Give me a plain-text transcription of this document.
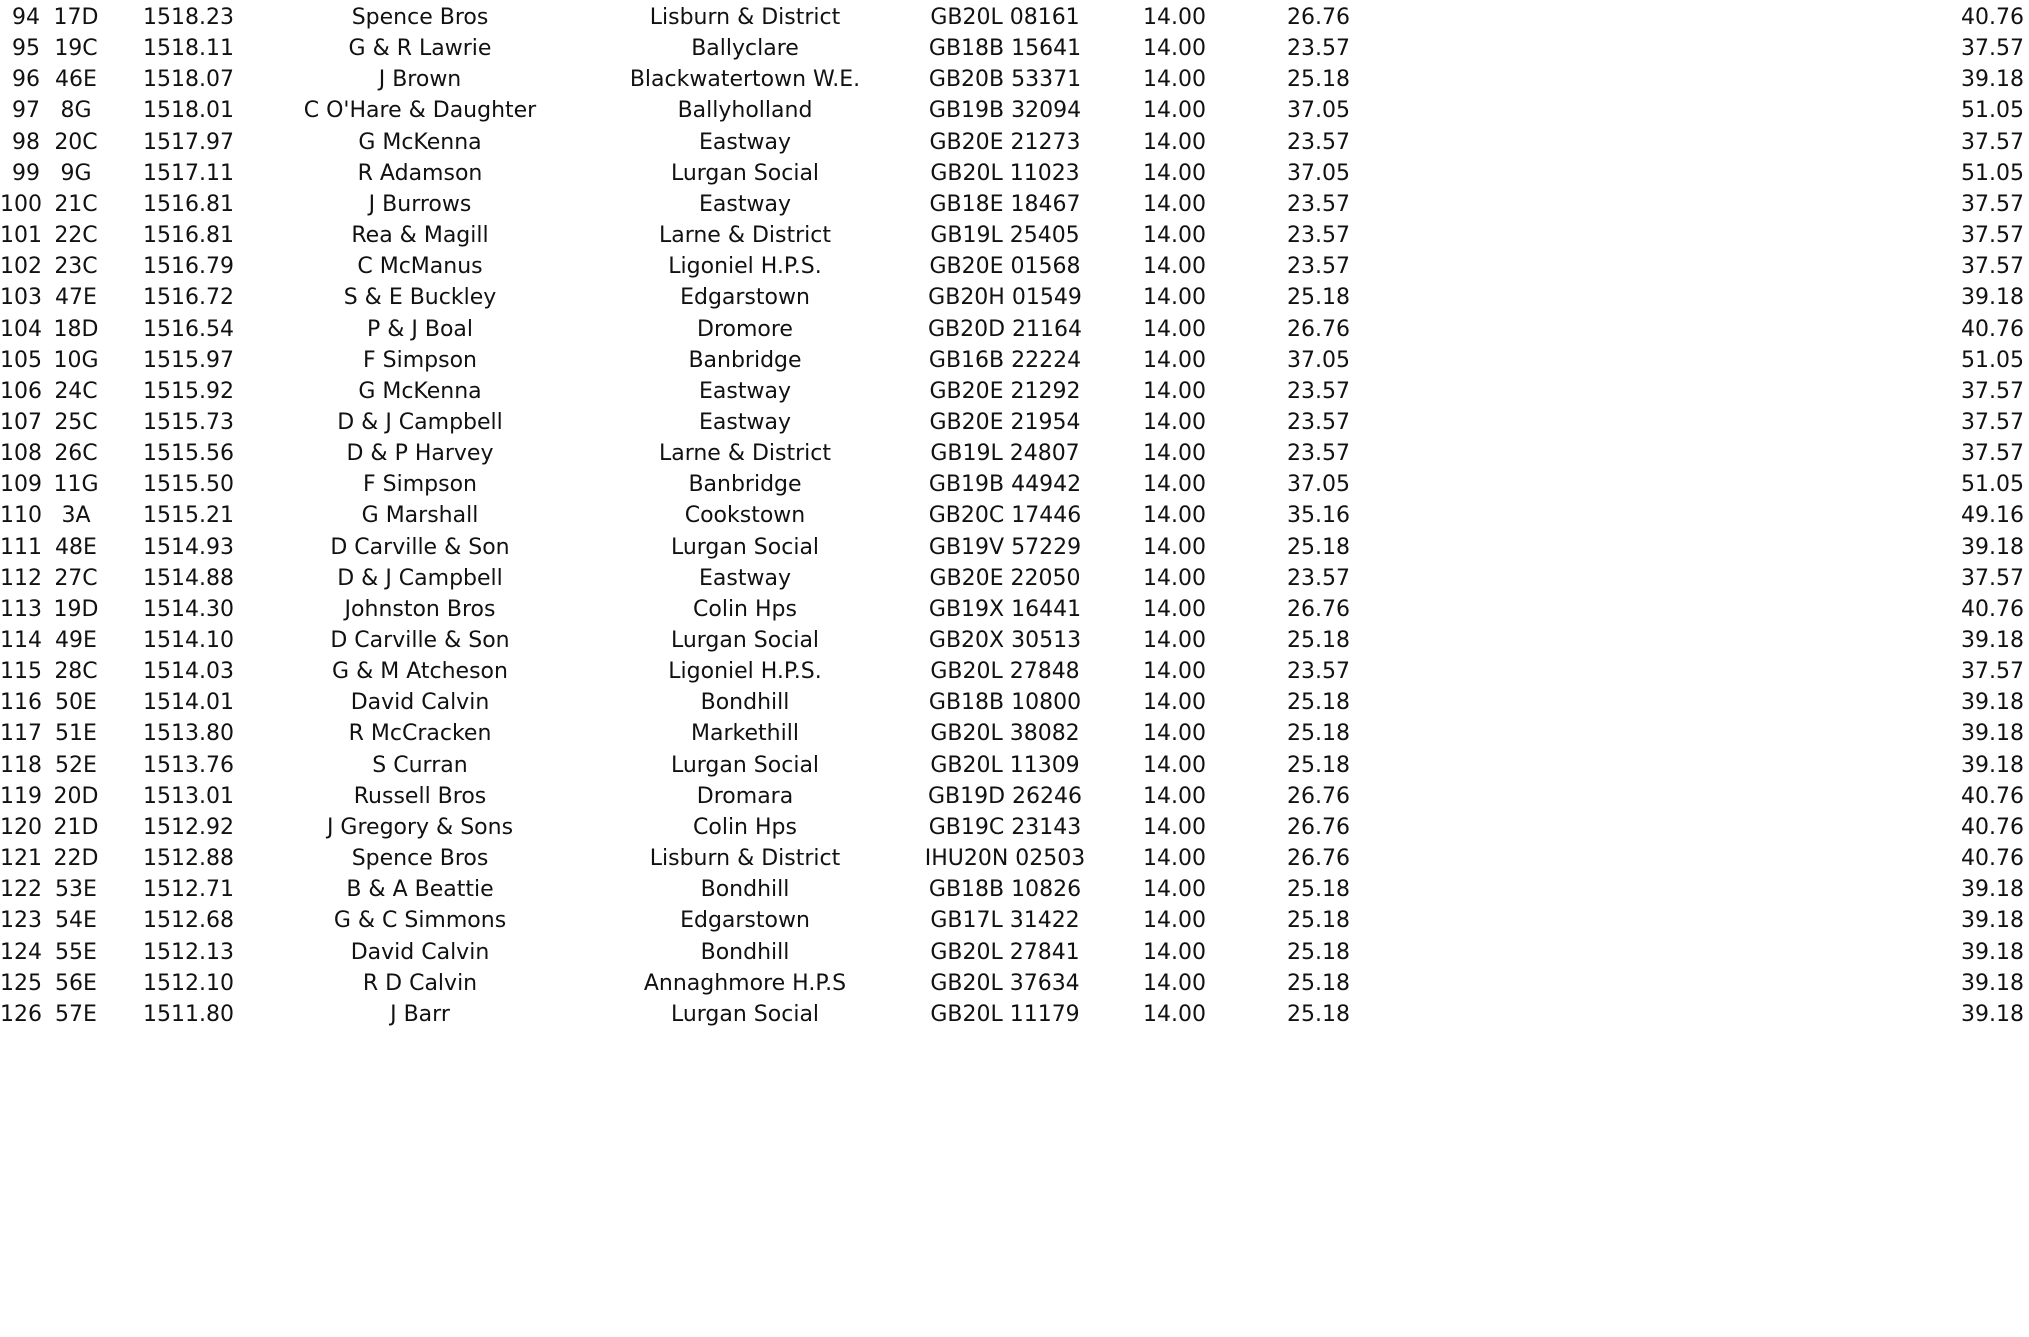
94 17D 1518.23	Spence Bros	Lisburn & District	GB20L 08161	14.00	26.76	40.76
95 19C 1518.11	G & R Lawrie	Ballyclare	GB18B 15641	14.00	23.57	37.57
96 46E 1518.07	J Brown	Blackwatertown W.E.	GB20B 53371	14.00	25.18	39.18
97 8G	1518.01	C O'Hare & Daughter	Ballyholland	GB19B 32094	14.00	37.05	51.05
98 20C 1517.97	G McKenna	Eastway	GB20E 21273	14.00	23.57	37.57
99 9G	1517.11	R Adamson	Lurgan Social	GB20L 11023	14.00	37.05	51.05
100 21C 1516.81	J Burrows	Eastway	GB18E 18467	14.00	23.57	37.57
101 22C 1516.81	Rea & Magill	Larne & District	GB19L 25405	14.00	23.57	37.57
102 23C 1516.79	C McManus	Ligoniel H.P.S.	GB20E 01568	14.00	23.57	37.57
103 47E 1516.72	S & E Buckley	Edgarstown	GB20H 01549	14.00	25.18	39.18
104 18D 1516.54	P & J Boal	Dromore	GB20D 21164	14.00	26.76	40.76
105 10G 1515.97	F Simpson	Banbridge	GB16B 22224	14.00	37.05	51.05
106 24C 1515.92	G McKenna	Eastway	GB20E 21292	14.00	23.57	37.57
107 25C 1515.73	D & J Campbell	Eastway	GB20E 21954	14.00	23.57	37.57
108 26C 1515.56	D & P Harvey	Larne & District	GB19L 24807	14.00	23.57	37.57
109 11G 1515.50	F Simpson	Banbridge	GB19B 44942	14.00	37.05	51.05
110 3A	1515.21	G Marshall	Cookstown	GB20C 17446	14.00	35.16	49.16
111 48E 1514.93	D Carville & Son	Lurgan Social	GB19V 57229	14.00	25.18	39.18
112 27C 1514.88	D & J Campbell	Eastway	GB20E 22050	14.00	23.57	37.57
113 19D 1514.30	Johnston Bros	Colin Hps	GB19X 16441	14.00	26.76	40.76
114 49E 1514.10	D Carville & Son	Lurgan Social	GB20X 30513	14.00	25.18	39.18
115 28C 1514.03	G & M Atcheson	Ligoniel H.P.S.	GB20L 27848	14.00	23.57	37.57
116 50E 1514.01	David Calvin	Bondhill	GB18B 10800	14.00	25.18	39.18
117 51E 1513.80	R McCracken	Markethill	GB20L 38082	14.00	25.18	39.18
118 52E 1513.76	S Curran	Lurgan Social	GB20L 11309	14.00	25.18	39.18
119 20D 1513.01	Russell Bros	Dromara	GB19D 26246	14.00	26.76	40.76
120 21D 1512.92	J Gregory & Sons	Colin Hps	GB19C 23143	14.00	26.76	40.76
121 22D 1512.88	Spence Bros	Lisburn & District	IHU20N 02503	14.00	26.76	40.76
122 53E 1512.71	B & A Beattie	Bondhill	GB18B 10826	14.00	25.18	39.18
123 54E 1512.68	G & C Simmons	Edgarstown	GB17L 31422	14.00	25.18	39.18
124 55E 1512.13	David Calvin	Bondhill	GB20L 27841	14.00	25.18	39.18
125 56E 1512.10	R D Calvin	Annaghmore H.P.S	GB20L 37634	14.00	25.18	39.18
126 57E 1511.80	J Barr	Lurgan Social	GB20L 11179	14.00	25.18	39.18
